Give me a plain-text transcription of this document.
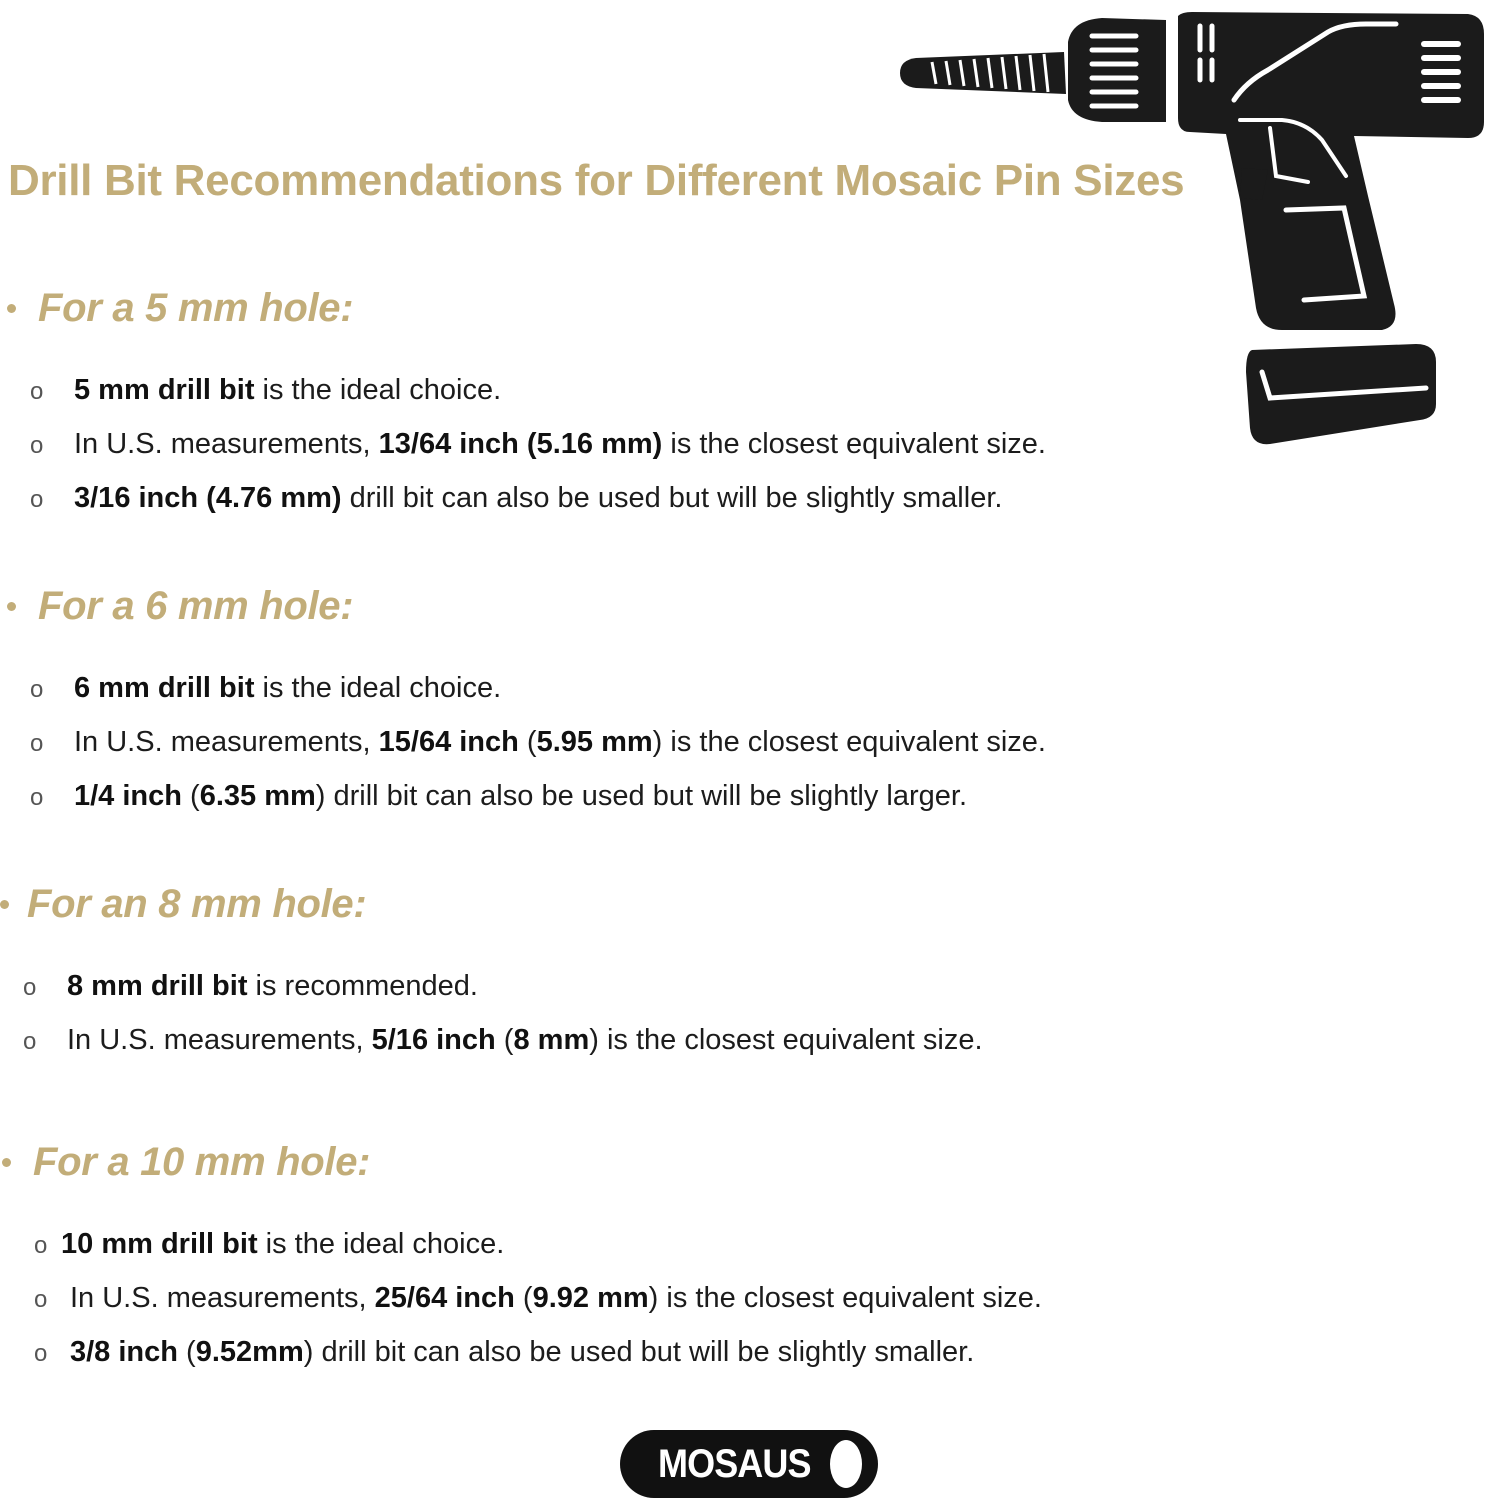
Drill Bit Recommendations for Different Mosaic Pin Sizes
For a 5 mm hole:
o 5 mm drill bit is the ideal choice.
o In U.S. measurements, 13/64 inch (5.16 mm) is the closest equivalent size.
o 3/16 inch (4.76 mm) drill bit can also be used but will be slightly smaller.
For a 6 mm hole:
o 6 mm drill bit is the ideal choice.
o In U.S. measurements, 15/64 inch (5.95 mm) is the closest equivalent size.
o 1/4 inch (6.35 mm) drill bit can also be used but will be slightly larger.
For an 8 mm hole:
o 8 mm drill bit is recommended.
o In U.S. measurements, 5/16 inch (8 mm) is the closest equivalent size.
For a 10 mm hole:
o 10 mm drill bit is the ideal choice.
o In U.S. measurements, 25/64 inch (9.92 mm) is the closest equivalent size.
o 3/8 inch (9.52mm) drill bit can also be used but will be slightly smaller.
MOSAUS
